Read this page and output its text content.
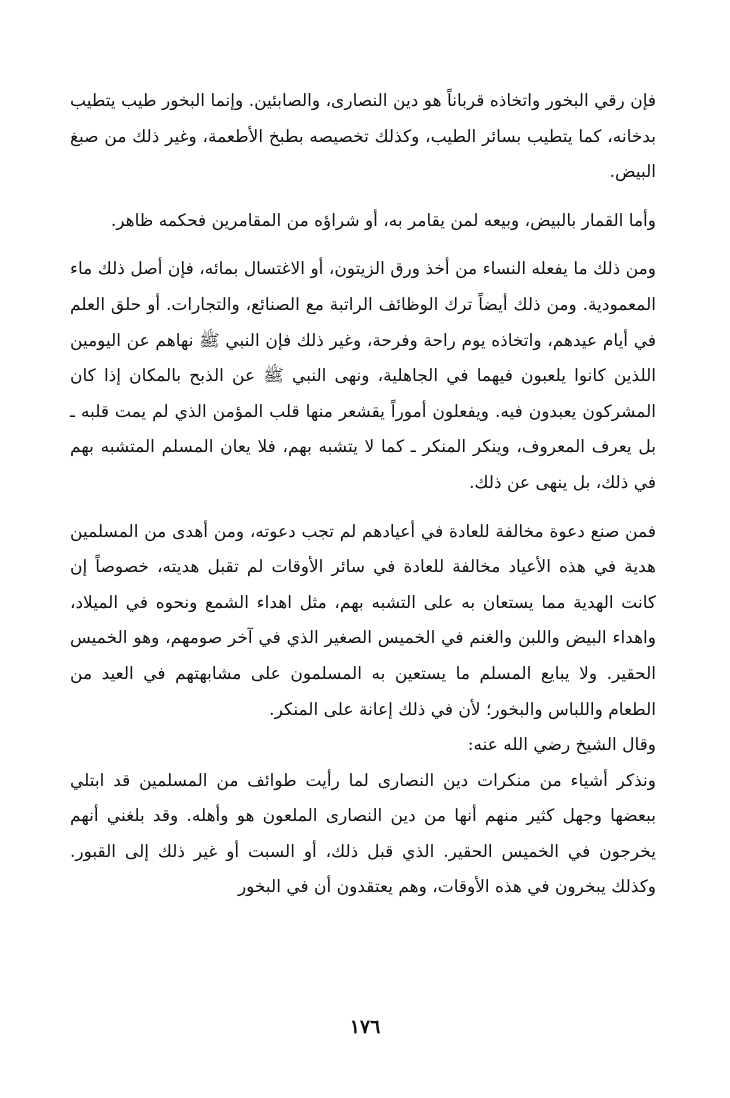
فإن رقي البخور واتخاذه قرباناً هو دين النصارى، والصابئين. وإنما البخور طيب يتطيب بدخانه، كما يتطيب بسائر الطيب، وكذلك تخصيصه بطبخ الأطعمة، وغير ذلك من صبغ البيض.

وأما القمار بالبيض، وبيعه لمن يقامر به، أو شراؤه من المقامرين فحكمه ظاهر.

ومن ذلك ما يفعله النساء من أخذ ورق الزيتون، أو الاغتسال بمائه، فإن أصل ذلك ماء المعمودية. ومن ذلك أيضاً ترك الوظائف الراتبة مع الصنائع، والتجارات. أو حلق العلم في أيام عيدهم، واتخاذه يوم راحة وفرحة، وغير ذلك فإن النبي ﷺ نهاهم عن اليومين اللذين كانوا يلعبون فيهما في الجاهلية، ونهى النبي ﷺ عن الذبح بالمكان إذا كان المشركون يعبدون فيه. ويفعلون أموراً يقشعر منها قلب المؤمن الذي لم يمت قلبه ـ بل يعرف المعروف، وينكر المنكر ـ كما لا يتشبه بهم، فلا يعان المسلم المتشبه بهم في ذلك، بل ينهى عن ذلك.

فمن صنع دعوة مخالفة للعادة في أعيادهم لم تجب دعوته، ومن أهدى من المسلمين هدية في هذه الأعياد مخالفة للعادة في سائر الأوقات لم تقبل هديته، خصوصاً إن كانت الهدية مما يستعان به على التشبه بهم، مثل اهداء الشمع ونحوه في الميلاد، واهداء البيض واللبن والغنم في الخميس الصغير الذي في آخر صومهم، وهو الخميس الحقير. ولا يبايع المسلم ما يستعين به المسلمون على مشابهتهم في العيد من الطعام واللباس والبخور؛ لأن في ذلك إعانة على المنكر.

وقال الشيخ رضي الله عنه:

ونذكر أشياء من منكرات دين النصارى لما رأيت طوائف من المسلمين قد ابتلي ببعضها وجهل كثير منهم أنها من دين النصارى الملعون هو وأهله. وقد بلغني أنهم يخرجون في الخميس الحقير. الذي قبل ذلك، أو السبت أو غير ذلك إلى القبور. وكذلك يبخرون في هذه الأوقات، وهم يعتقدون أن في البخور

١٧٦
